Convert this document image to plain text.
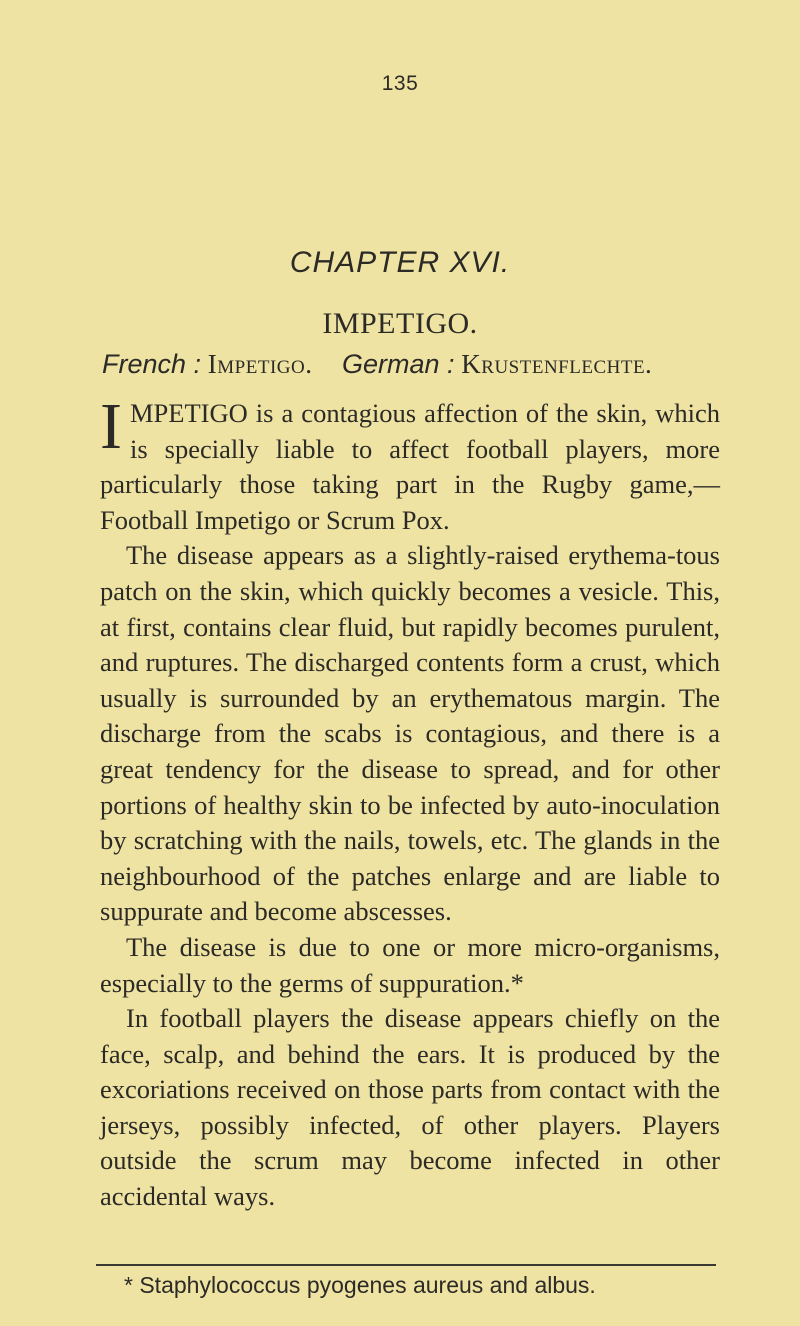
135
CHAPTER XVI.
IMPETIGO.
French : Impetigo. German : Krustenflechte.

IMPETIGO is a contagious affection of the skin, which is specially liable to affect football players, more particularly those taking part in the Rugby game,—Football Impetigo or Scrum Pox.

The disease appears as a slightly-raised erythema-tous patch on the skin, which quickly becomes a vesicle. This, at first, contains clear fluid, but rapidly becomes purulent, and ruptures. The discharged contents form a crust, which usually is surrounded by an erythematous margin. The discharge from the scabs is contagious, and there is a great tendency for the disease to spread, and for other portions of healthy skin to be infected by auto-inoculation by scratching with the nails, towels, etc. The glands in the neighbourhood of the patches enlarge and are liable to suppurate and become abscesses.

The disease is due to one or more micro-organisms, especially to the germs of suppuration.*

In football players the disease appears chiefly on the face, scalp, and behind the ears. It is produced by the excoriations received on those parts from contact with the jerseys, possibly infected, of other players. Players outside the scrum may become infected in other accidental ways.

* Staphylococcus pyogenes aureus and albus.
